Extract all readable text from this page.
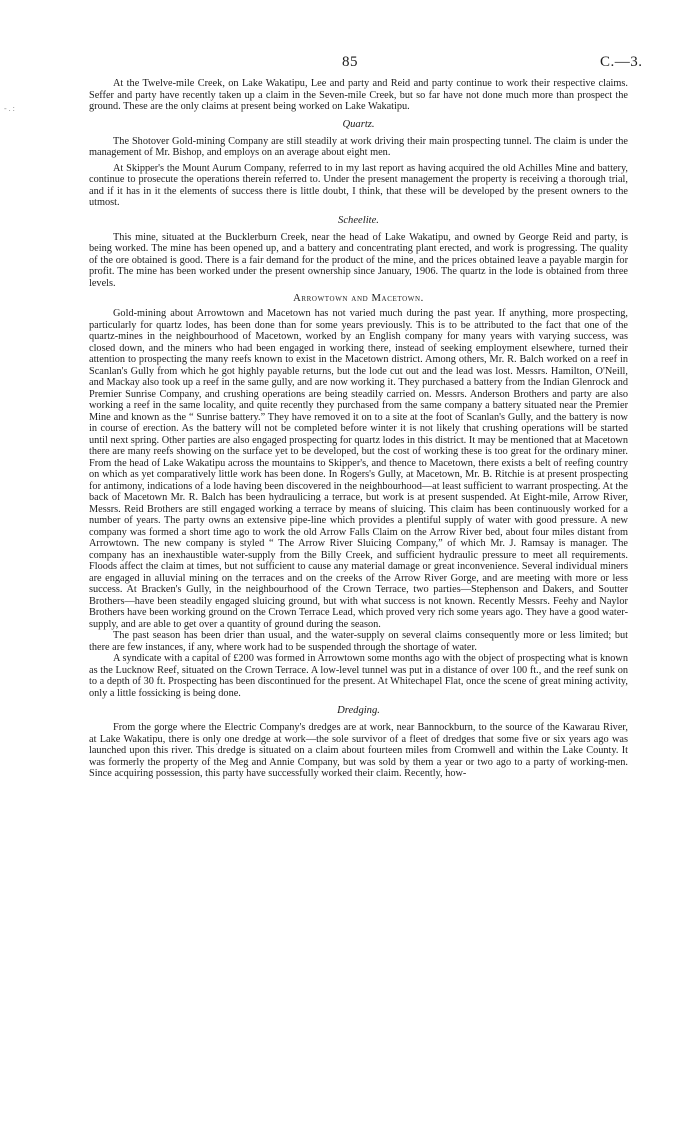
85	C.—3.
-.:

At the Twelve-mile Creek, on Lake Wakatipu, Lee and party and Reid and party continue to work their respective claims. Seffer and party have recently taken up a claim in the Seven-mile Creek, but so far have not done much more than prospect the ground. These are the only claims at present being worked on Lake Wakatipu.

Quartz.

The Shotover Gold-mining Company are still steadily at work driving their main prospecting tunnel. The claim is under the management of Mr. Bishop, and employs on an average about eight men.

At Skipper's the Mount Aurum Company, referred to in my last report as having acquired the old Achilles Mine and battery, continue to prosecute the operations therein referred to. Under the present management the property is receiving a thorough trial, and if it has in it the elements of success there is little doubt, I think, that these will be developed by the present owners to the utmost.

Scheelite.

This mine, situated at the Bucklerburn Creek, near the head of Lake Wakatipu, and owned by George Reid and party, is being worked. The mine has been opened up, and a battery and concentrating plant erected, and work is progressing. The quality of the ore obtained is good. There is a fair demand for the product of the mine, and the prices obtained leave a payable margin for profit. The mine has been worked under the present ownership since January, 1906. The quartz in the lode is obtained from three levels.

Arrowtown and Macetown.

Gold-mining about Arrowtown and Macetown has not varied much during the past year. If anything, more prospecting, particularly for quartz lodes, has been done than for some years previously. This is to be attributed to the fact that one of the quartz-mines in the neighbourhood of Macetown, worked by an English company for many years with varying success, was closed down, and the miners who had been engaged in working there, instead of seeking employment elsewhere, turned their attention to prospecting the many reefs known to exist in the Macetown district. Among others, Mr. R. Balch worked on a reef in Scanlan's Gully from which he got highly payable returns, but the lode cut out and the lead was lost. Messrs. Hamilton, O'Neill, and Mackay also took up a reef in the same gully, and are now working it. They purchased a battery from the Indian Glenrock and Premier Sunrise Company, and crushing operations are being steadily carried on. Messrs. Anderson Brothers and party are also working a reef in the same locality, and quite recently they purchased from the same company a battery situated near the Premier Mine and known as the “ Sunrise battery.” They have removed it on to a site at the foot of Scanlan's Gully, and the battery is now in course of erection. As the battery will not be completed before winter it is not likely that crushing operations will be started until next spring. Other parties are also engaged prospecting for quartz lodes in this district. It may be mentioned that at Macetown there are many reefs showing on the surface yet to be developed, but the cost of working these is too great for the ordinary miner. From the head of Lake Wakatipu across the mountains to Skipper's, and thence to Macetown, there exists a belt of reefing country on which as yet comparatively little work has been done. In Rogers's Gully, at Macetown, Mr. B. Ritchie is at present prospecting for antimony, indications of a lode having been discovered in the neighbourhood—at least sufficient to warrant prospecting. At the back of Macetown Mr. R. Balch has been hydraulicing a terrace, but work is at present suspended. At Eight-mile, Arrow River, Messrs. Reid Brothers are still engaged working a terrace by means of sluicing. This claim has been continuously worked for a number of years. The party owns an extensive pipe-line which provides a plentiful supply of water with good pressure. A new company was formed a short time ago to work the old Arrow Falls Claim on the Arrow River bed, about four miles distant from Arrowtown. The new company is styled “ The Arrow River Sluicing Company,” of which Mr. J. Ramsay is manager. The company has an inexhaustible water-supply from the Billy Creek, and sufficient hydraulic pressure to meet all requirements. Floods affect the claim at times, but not sufficient to cause any material damage or great inconvenience. Several individual miners are engaged in alluvial mining on the terraces and on the creeks of the Arrow River Gorge, and are meeting with more or less success. At Bracken's Gully, in the neighbourhood of the Crown Terrace, two parties—Stephenson and Dakers, and Soutter Brothers—have been steadily engaged sluicing ground, but with what success is not known. Recently Messrs. Feehy and Naylor Brothers have been working ground on the Crown Terrace Lead, which proved very rich some years ago. They have a good water-supply, and are able to get over a quantity of ground during the season.

The past season has been drier than usual, and the water-supply on several claims consequently more or less limited; but there are few instances, if any, where work had to be suspended through the shortage of water.

A syndicate with a capital of £200 was formed in Arrowtown some months ago with the object of prospecting what is known as the Lucknow Reef, situated on the Crown Terrace. A low-level tunnel was put in a distance of over 100 ft., and the reef sunk on to a depth of 30 ft. Prospecting has been discontinued for the present. At Whitechapel Flat, once the scene of great mining activity, only a little fossicking is being done.

Dredging.

From the gorge where the Electric Company's dredges are at work, near Bannockburn, to the source of the Kawarau River, at Lake Wakatipu, there is only one dredge at work—the sole survivor of a fleet of dredges that some five or six years ago was launched upon this river. This dredge is situated on a claim about fourteen miles from Cromwell and within the Lake County. It was formerly the property of the Meg and Annie Company, but was sold by them a year or two ago to a party of working-men. Since acquiring possession, this party have successfully worked their claim. Recently, how-
